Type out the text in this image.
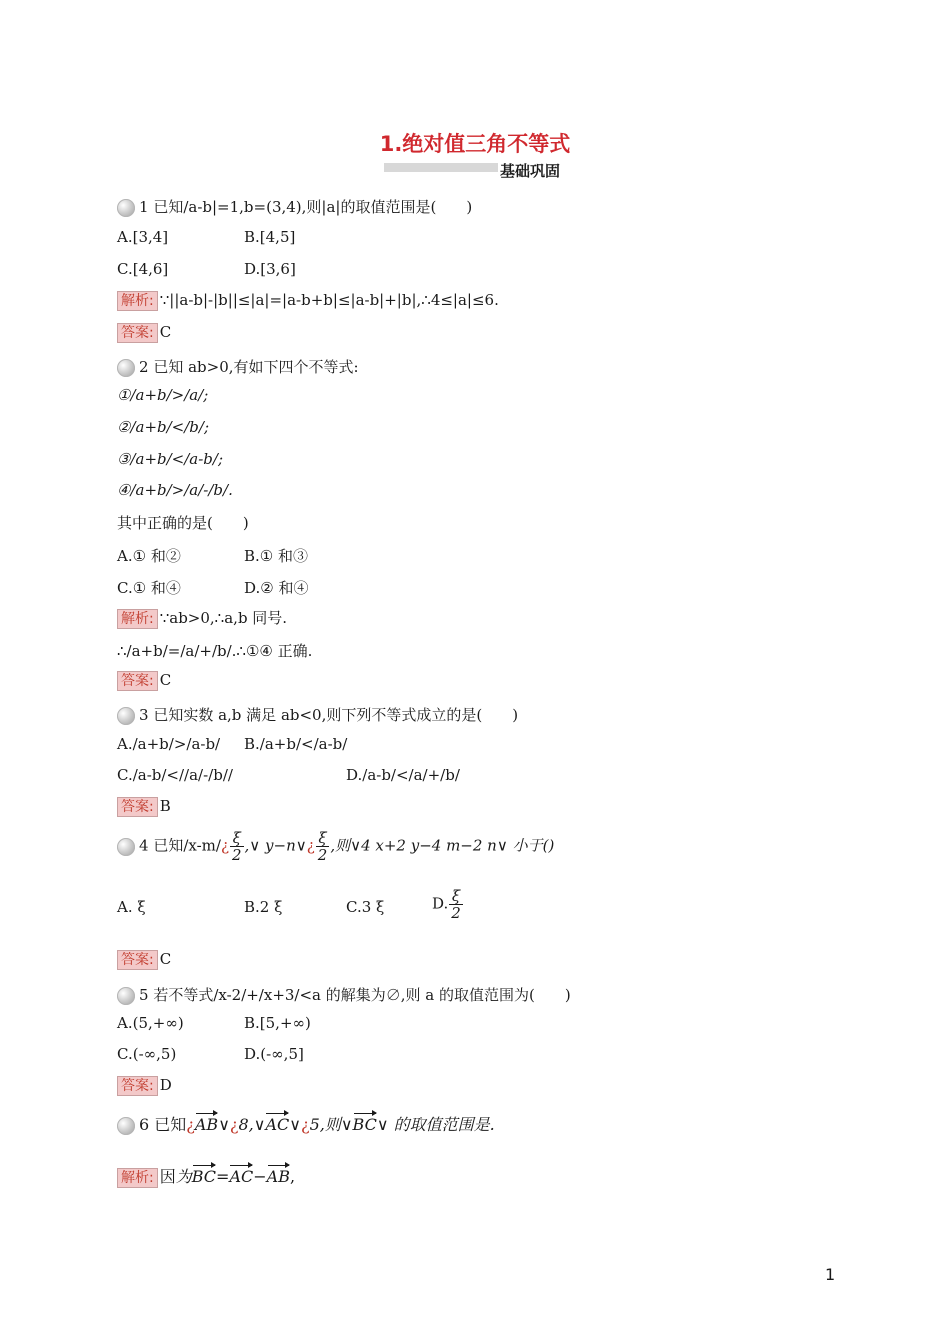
1.绝对值三角不等式
基础巩固
1 已知/a-b|=1,b=(3,4),则|a|的取值范围是(　　)
A.[3,4]	B.[4,5]
C.[4,6]	D.[3,6]
解析: ∵||a-b|-|b||≤|a|=|a-b+b|≤|a-b|+|b|,∴4≤|a|≤6.
答案: C
2 已知 ab>0,有如下四个不等式:
①/a+b/>/a/;
②/a+b/</b/;
③/a+b/</a-b/;
④/a+b/>/a/-/b/.
其中正确的是(　　)
A.① 和②	B.① 和③
C.① 和④	D.② 和④
解析: ∵ab>0,∴a,b 同号.
∴/a+b/=/a/+/b/.∴①④ 正确.
答案: C
3 已知实数 a,b 满足 ab<0,则下列不等式成立的是(　　)
A./a+b/>/a-b/ B./a+b/</a-b/
C./a-b/<//a/-/b//	D./a-b/</a/+/b/
答案: B
4 已知/x-m/¿ $\frac{\xi}{2}$ ,∨ y−n∨¿ $\frac{\xi}{2}$ ,则∨4 x+2 y−4 m−2 n∨ 小于()
A. ξ	B.2 ξ	C.3 ξ	D. $\frac{\xi}{2}$
答案: C
5 若不等式/x-2/+/x+3/<a 的解集为∅,则 a 的取值范围为(　　)
A.(5,+∞)	B.[5,+∞)
C.(-∞,5)	D.(-∞,5]
答案: D
6 已知¿AB∨¿8,∨AC∨¿5,则∨BC∨ 的取值范围是.
解析: 因为BC=AC−AB,
1
